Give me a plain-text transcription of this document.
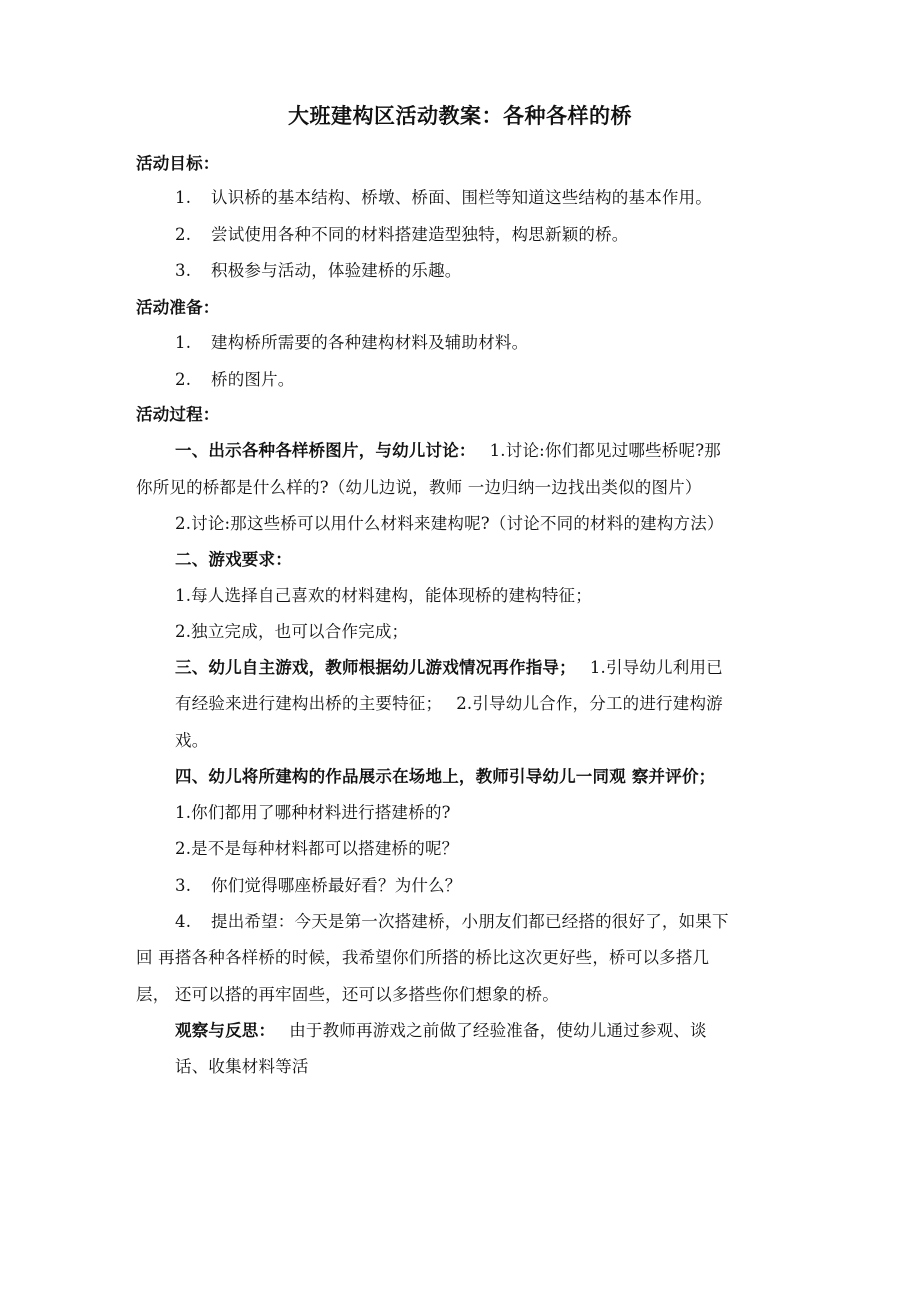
大班建构区活动教案：各种各样的桥
活动目标：
1. 认识桥的基本结构、桥墩、桥面、围栏等知道这些结构的基本作用。
2. 尝试使用各种不同的材料搭建造型独特，构思新颖的桥。
3. 积极参与活动，体验建桥的乐趣。
活动准备：
1. 建构桥所需要的各种建构材料及辅助材料。
2. 桥的图片。
活动过程：
一、出示各种各样桥图片，与幼儿讨论： 1.讨论:你们都见过哪些桥呢?那
你所见的桥都是什么样的?（幼儿边说，教师 一边归纳一边找出类似的图片）
2.讨论:那这些桥可以用什么材料来建构呢?（讨论不同的材料的建构方法）
二、游戏要求：
1.每人选择自己喜欢的材料建构，能体现桥的建构特征；
2.独立完成，也可以合作完成；
三、幼儿自主游戏，教师根据幼儿游戏情况再作指导； 1.引导幼儿利用已
有经验来进行建构出桥的主要特征； 2.引导幼儿合作，分工的进行建构游
戏。
四、幼儿将所建构的作品展示在场地上，教师引导幼儿一同观 察并评价；
1.你们都用了哪种材料进行搭建桥的?
2.是不是每种材料都可以搭建桥的呢？
3. 你们觉得哪座桥最好看？为什么？
4. 提出希望：今天是第一次搭建桥，小朋友们都已经搭的很好了，如果下
回 再搭各种各样桥的时候，我希望你们所搭的桥比这次更好些，桥可以多搭几
层， 还可以搭的再牢固些，还可以多搭些你们想象的桥。
观察与反思： 由于教师再游戏之前做了经验准备，使幼儿通过参观、谈
话、收集材料等活
